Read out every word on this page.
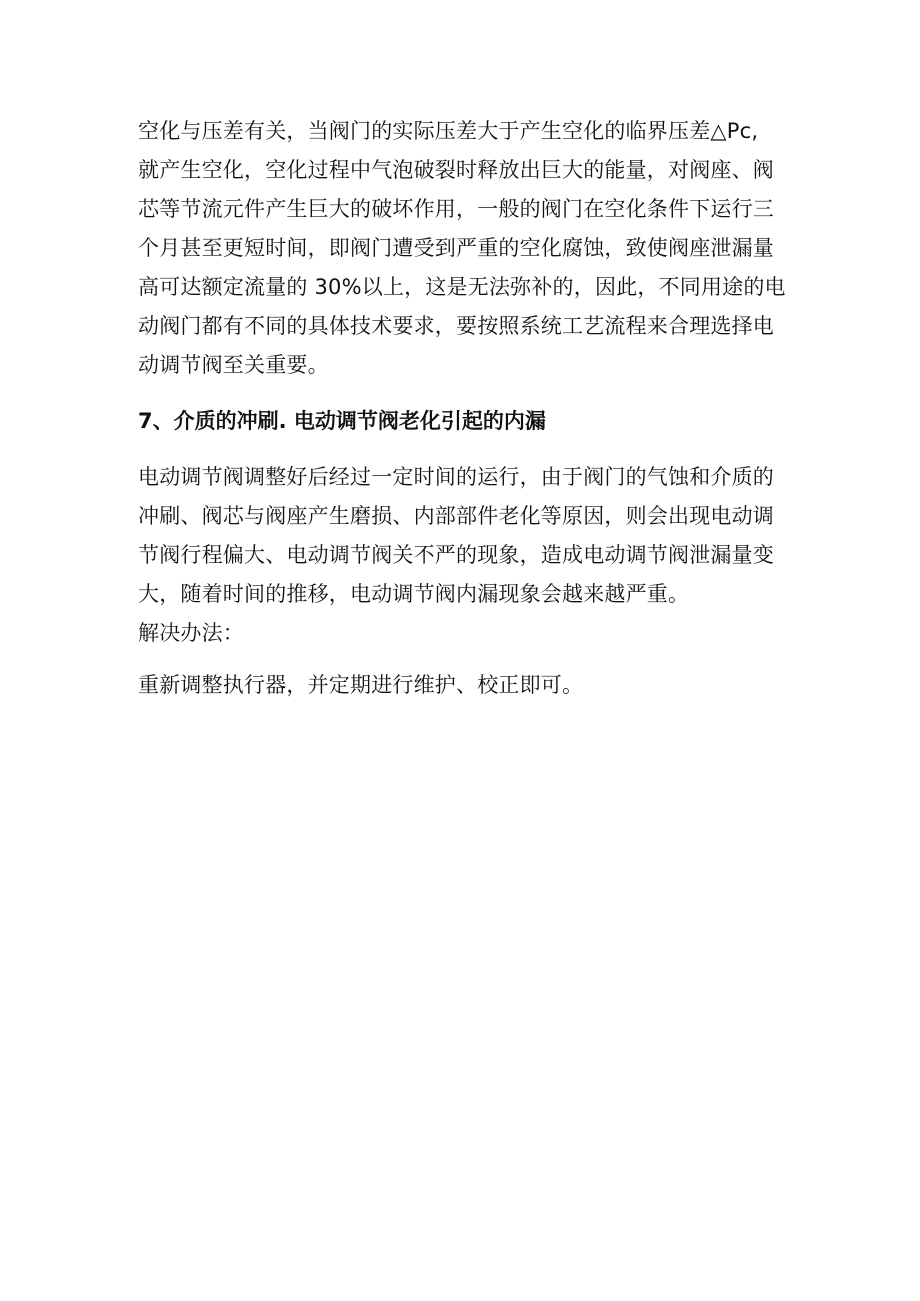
空化与压差有关，当阀门的实际压差大于产生空化的临界压差△Pc,
就产生空化，空化过程中气泡破裂时释放出巨大的能量，对阀座、阀
芯等节流元件产生巨大的破坏作用，一般的阀门在空化条件下运行三
个月甚至更短时间，即阀门遭受到严重的空化腐蚀，致使阀座泄漏量
高可达额定流量的 30%以上，这是无法弥补的，因此，不同用途的电
动阀门都有不同的具体技术要求，要按照系统工艺流程来合理选择电
动调节阀至关重要。
7、介质的冲刷. 电动调节阀老化引起的内漏
电动调节阀调整好后经过一定时间的运行，由于阀门的气蚀和介质的
冲刷、阀芯与阀座产生磨损、内部部件老化等原因，则会出现电动调
节阀行程偏大、电动调节阀关不严的现象，造成电动调节阀泄漏量变
大，随着时间的推移，电动调节阀内漏现象会越来越严重。
解决办法：
重新调整执行器，并定期进行维护、校正即可。
